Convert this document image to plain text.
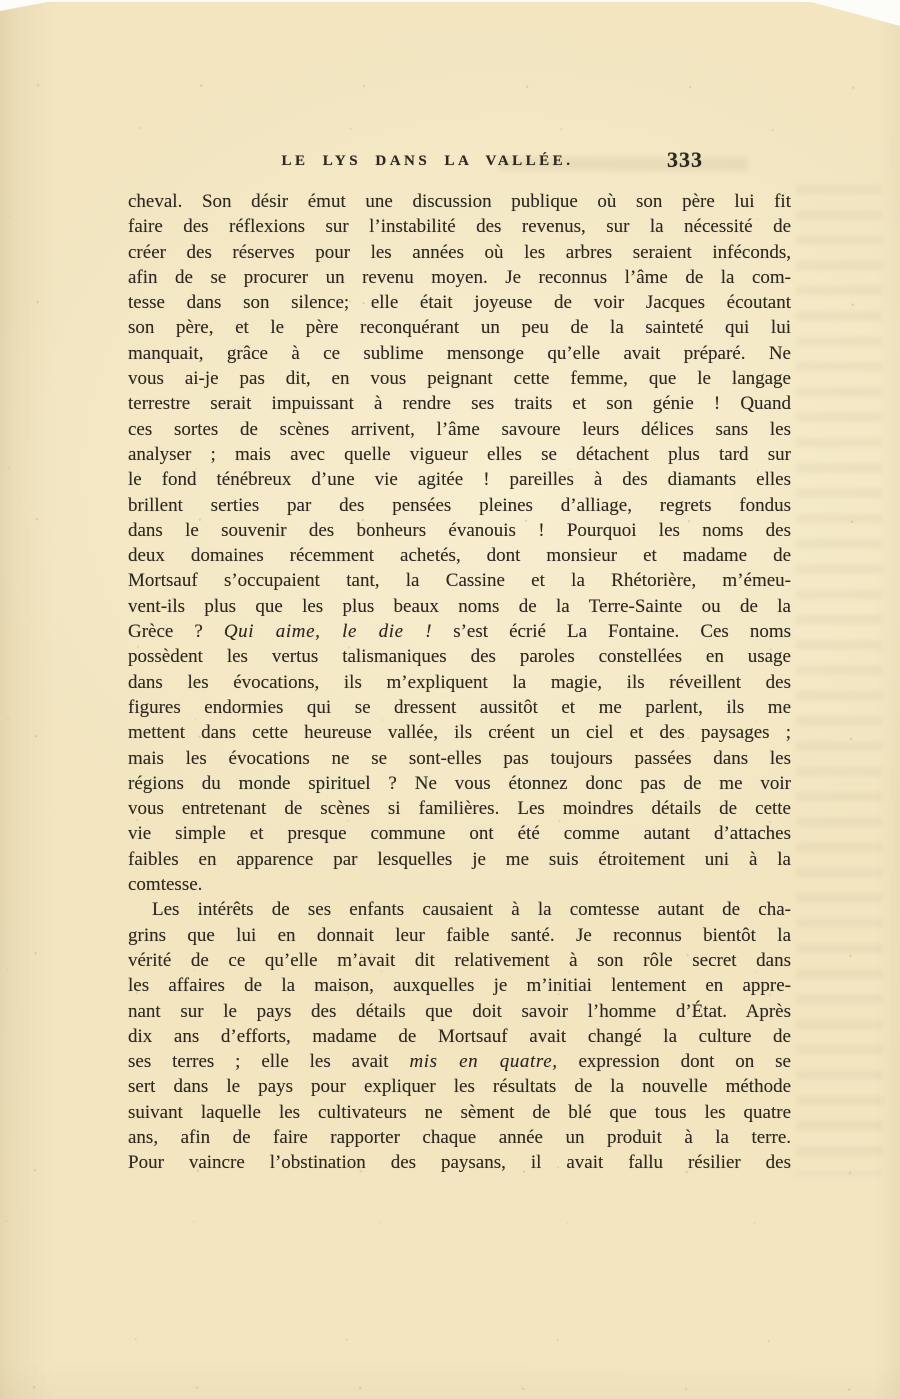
LE LYS DANS LA VALLÉE.	333
cheval. Son désir émut une discussion publique où son père lui fit
faire des réflexions sur l’instabilité des revenus, sur la nécessité de
créer des réserves pour les années où les arbres seraient inféconds,
afin de se procurer un revenu moyen. Je reconnus l’âme de la com-
tesse dans son silence; elle était joyeuse de voir Jacques écoutant
son père, et le père reconquérant un peu de la sainteté qui lui
manquait, grâce à ce sublime mensonge qu’elle avait préparé. Ne
vous ai-je pas dit, en vous peignant cette femme, que le langage
terrestre serait impuissant à rendre ses traits et son génie ! Quand
ces sortes de scènes arrivent, l’âme savoure leurs délices sans les
analyser ; mais avec quelle vigueur elles se détachent plus tard sur
le fond ténébreux d’une vie agitée ! pareilles à des diamants elles
brillent serties par des pensées pleines d’alliage, regrets fondus
dans le souvenir des bonheurs évanouis ! Pourquoi les noms des
deux domaines récemment achetés, dont monsieur et madame de
Mortsauf s’occupaient tant, la Cassine et la Rhétorière, m’émeu-
vent-ils plus que les plus beaux noms de la Terre-Sainte ou de la
Grèce ? Qui aime, le die ! s’est écrié La Fontaine. Ces noms
possèdent les vertus talismaniques des paroles constellées en usage
dans les évocations, ils m’expliquent la magie, ils réveillent des
figures endormies qui se dressent aussitôt et me parlent, ils me
mettent dans cette heureuse vallée, ils créent un ciel et des paysages ;
mais les évocations ne se sont-elles pas toujours passées dans les
régions du monde spirituel ? Ne vous étonnez donc pas de me voir
vous entretenant de scènes si familières. Les moindres détails de cette
vie simple et presque commune ont été comme autant d’attaches
faibles en apparence par lesquelles je me suis étroitement uni à la
comtesse.
Les intérêts de ses enfants causaient à la comtesse autant de cha-
grins que lui en donnait leur faible santé. Je reconnus bientôt la
vérité de ce qu’elle m’avait dit relativement à son rôle secret dans
les affaires de la maison, auxquelles je m’initiai lentement en appre-
nant sur le pays des détails que doit savoir l’homme d’État. Après
dix ans d’efforts, madame de Mortsauf avait changé la culture de
ses terres ; elle les avait mis en quatre, expression dont on se
sert dans le pays pour expliquer les résultats de la nouvelle méthode
suivant laquelle les cultivateurs ne sèment de blé que tous les quatre
ans, afin de faire rapporter chaque année un produit à la terre.
Pour vaincre l’obstination des paysans, il avait fallu résilier des
